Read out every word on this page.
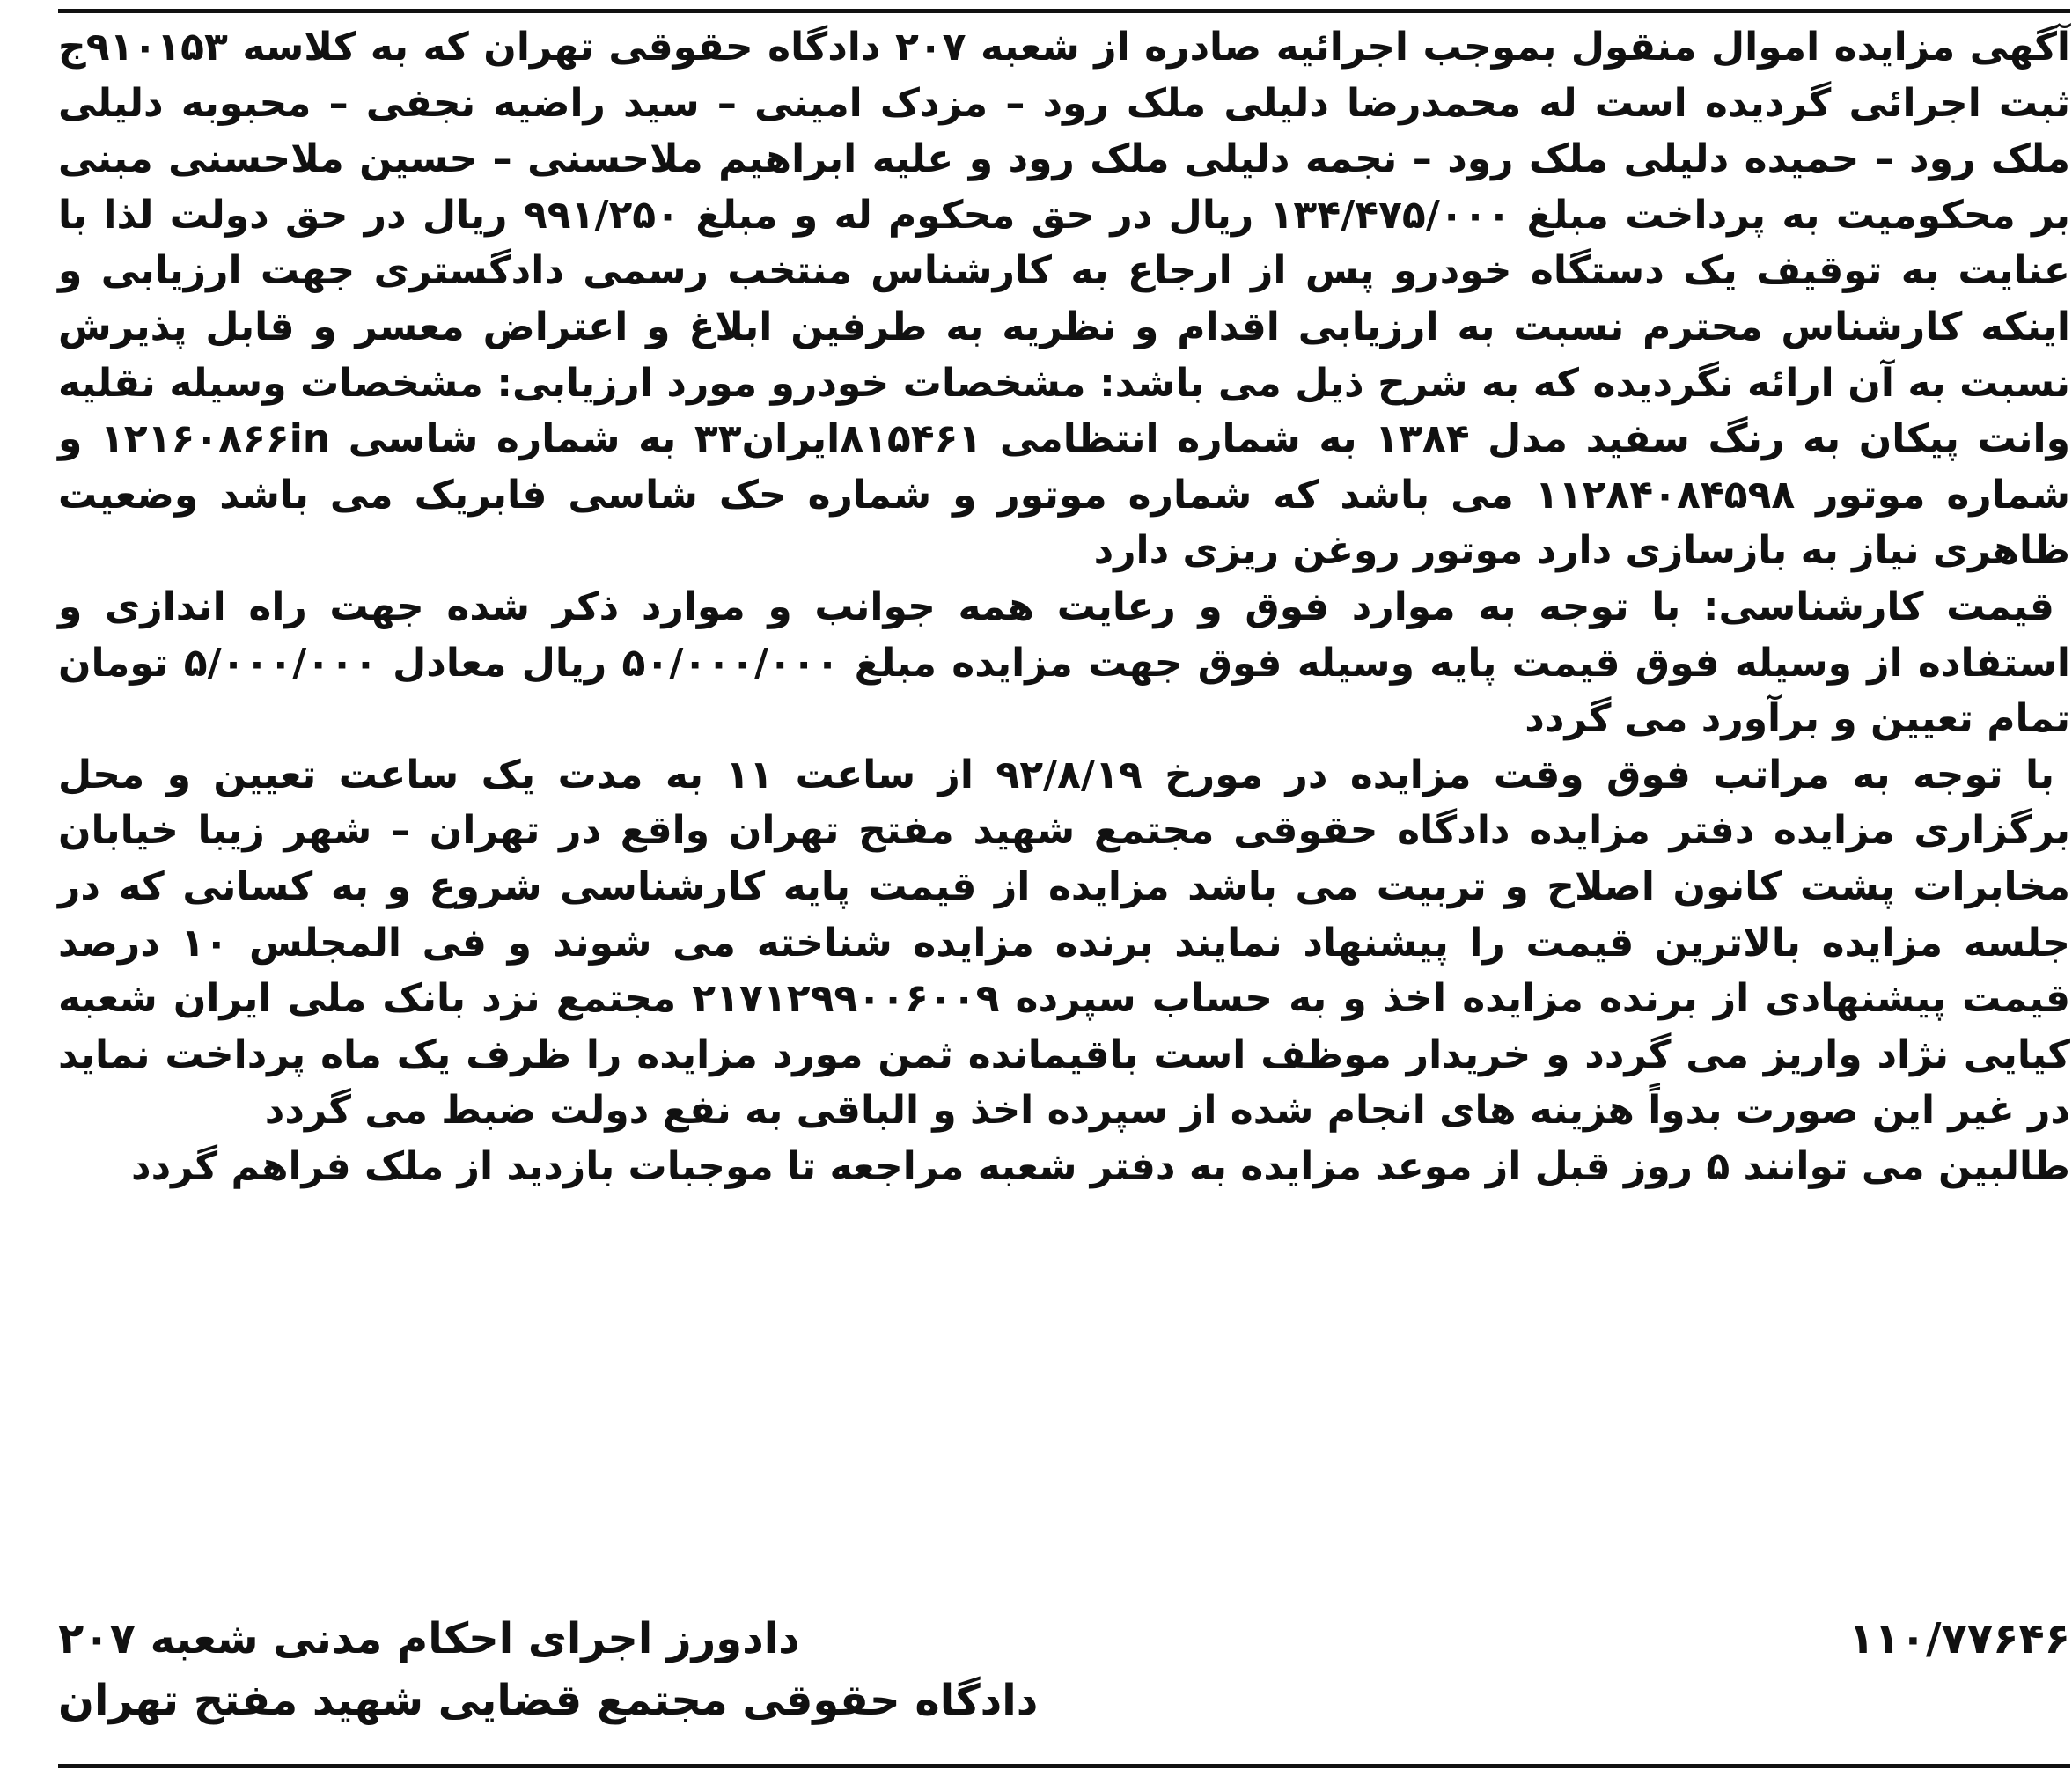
آگهی مزایده اموال منقول بموجب اجرائیه صادره از شعبه ۲۰۷ دادگاه حقوقی تهران که به کلاسه ۹۱۰۱۵۳ج ثبت اجرائی گردیده است له محمدرضا دلیلی ملک رود – مزدک امینی – سید راضیه نجفی – محبوبه دلیلی ملک رود – حمیده دلیلی ملک رود – نجمه دلیلی ملک رود و علیه ابراهیم ملاحسنی – حسین ملاحسنی مبنی بر محکومیت به پرداخت مبلغ ۱۳۴/۴۷۵/۰۰۰ ریال در حق محکوم له و مبلغ ۹۹۱/۲۵۰ ریال در حق دولت لذا با عنایت به توقیف یک دستگاه خودرو پس از ارجاع به کارشناس منتخب رسمی دادگستری جهت ارزیابی و اینکه کارشناس محترم نسبت به ارزیابی اقدام و نظریه به طرفین ابلاغ و اعتراض معسر و قابل پذیرش نسبت به آن ارائه نگردیده که به شرح ذیل می باشد: مشخصات خودرو مورد ارزیابی: مشخصات وسیله نقلیه وانت پیکان به رنگ سفید مدل ۱۳۸۴ به شماره انتظامی ۸۱۵۴۶۱ایران۳۳ به شماره شاسی ۱۲۱۶۰۸۶۶in و شماره موتور ۱۱۲۸۴۰۸۴۵۹۸ می باشد که شماره موتور و شماره حک شاسی فابریک می باشد وضعیت ظاهری نیاز به بازسازی دارد موتور روغن ریزی دارد

قیمت کارشناسی: با توجه به موارد فوق و رعایت همه جوانب و موارد ذکر شده جهت راه اندازی و استفاده از وسیله فوق قیمت پایه وسیله فوق جهت مزایده مبلغ ۵۰/۰۰۰/۰۰۰ ریال معادل ۵/۰۰۰/۰۰۰ تومان تمام تعیین و برآورد می گردد

با توجه به مراتب فوق وقت مزایده در مورخ ۹۲/۸/۱۹ از ساعت ۱۱ به مدت یک ساعت تعیین و محل برگزاری مزایده دفتر مزایده دادگاه حقوقی مجتمع شهید مفتح تهران واقع در تهران – شهر زیبا خیابان مخابرات پشت کانون اصلاح و تربیت می باشد مزایده از قیمت پایه کارشناسی شروع و به کسانی که در جلسه مزایده بالاترین قیمت را پیشنهاد نمایند برنده مزایده شناخته می شوند و فی المجلس ۱۰ درصد قیمت پیشنهادی از برنده مزایده اخذ و به حساب سپرده ۲۱۷۱۲۹۹۰۰۶۰۰۹ مجتمع نزد بانک ملی ایران شعبه کیایی نژاد واریز می گردد و خریدار موظف است باقیمانده ثمن مورد مزایده را ظرف یک ماه پرداخت نماید در غیر این صورت بدواً هزینه های انجام شده از سپرده اخذ و الباقی به نفع دولت ضبط می گردد

طالبین می توانند ۵ روز قبل از موعد مزایده به دفتر شعبه مراجعه تا موجبات بازدید از ملک فراهم گردد

۱۱۰/۷۷۶۴۶
دادورز اجرای احکام مدنی شعبه ۲۰۷
دادگاه حقوقی مجتمع قضایی شهید مفتح تهران
